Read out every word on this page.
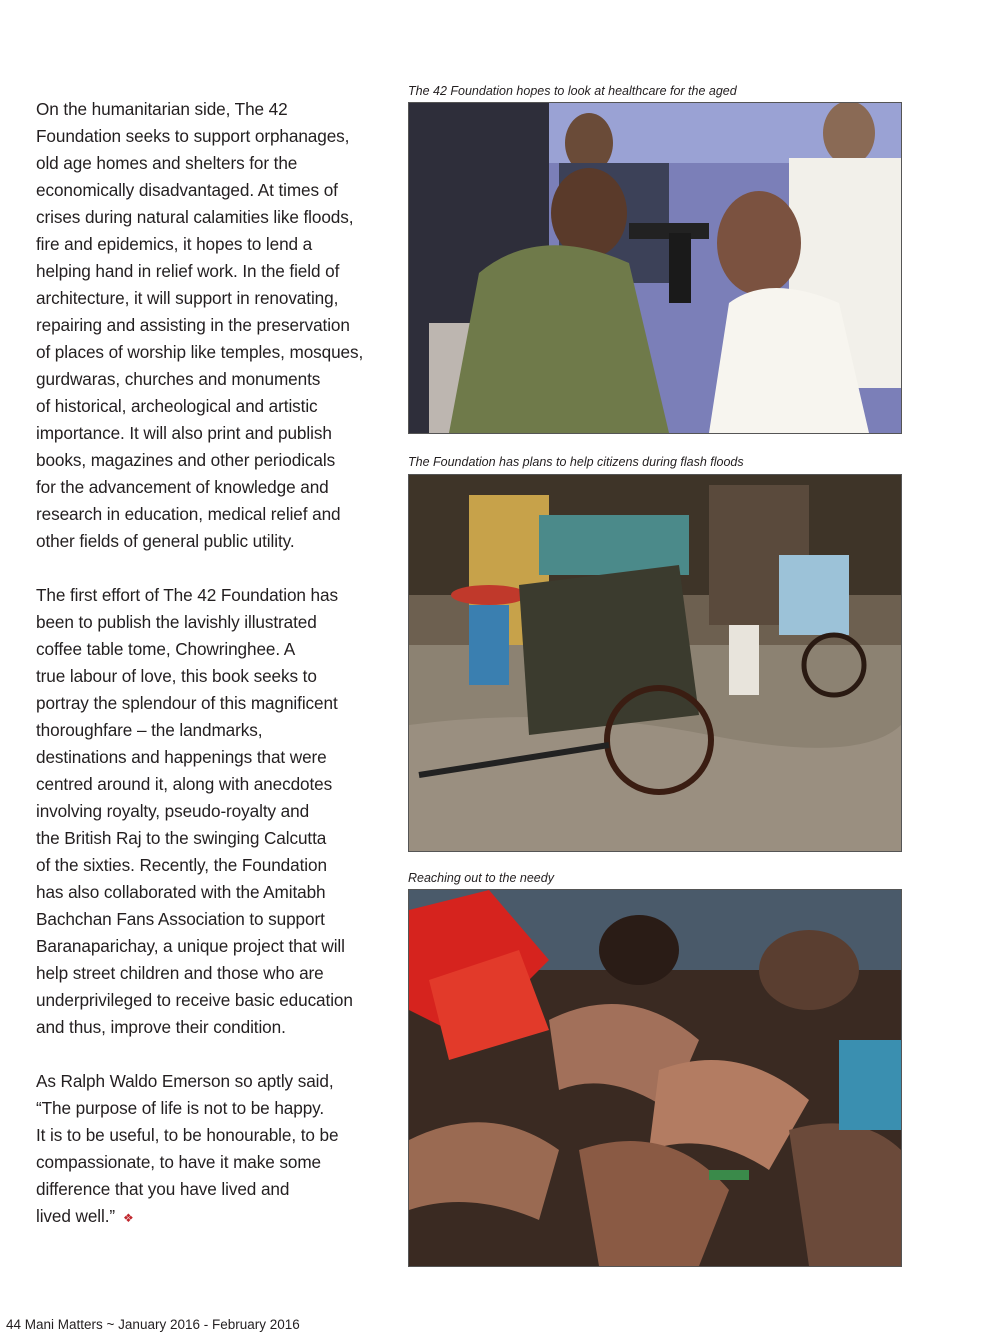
On the humanitarian side, The 42
Foundation seeks to support orphanages,
old age homes and shelters for the
economically disadvantaged. At times of
crises during natural calamities like floods,
fire and epidemics, it hopes to lend a
helping hand in relief work. In the field of
architecture, it will support in renovating,
repairing and assisting in the preservation
of places of worship like temples, mosques,
gurdwaras, churches and monuments
of historical, archeological and artistic
importance. It will also print and publish
books, magazines and other periodicals
for the advancement of knowledge and
research in education, medical relief and
other fields of general public utility.
The first effort of The 42 Foundation has
been to publish the lavishly illustrated
coffee table tome, Chowringhee. A
true labour of love, this book seeks to
portray the splendour of this magnificent
thoroughfare – the landmarks,
destinations and happenings that were
centred around it, along with anecdotes
involving royalty, pseudo-royalty and
the British Raj to the swinging Calcutta
of the sixties. Recently, the Foundation
has also collaborated with the Amitabh
Bachchan Fans Association to support
Baranaparichay, a unique project that will
help street children and those who are
underprivileged to receive basic education
and thus, improve their condition.
As Ralph Waldo Emerson so aptly said,
“The purpose of life is not to be happy.
It is to be useful, to be honourable, to be
compassionate, to have it make some
difference that you have lived and
lived well.” ❖
The 42 Foundation hopes to look at healthcare for the aged
The Foundation has plans to help citizens during flash floods
Reaching out to the needy
44 Mani Matters ~ January 2016 - February 2016
